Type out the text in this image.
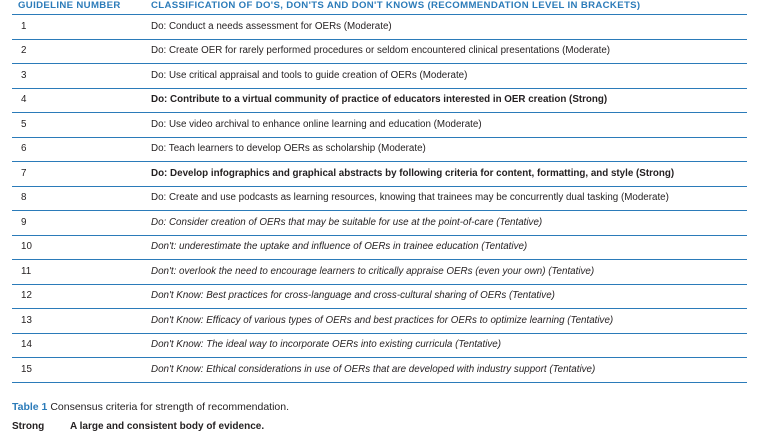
GUIDELINE NUMBER	CLASSIFICATION OF DO'S, DON'TS AND DON'T KNOWS (RECOMMENDATION LEVEL IN BRACKETS)
1	Do: Conduct a needs assessment for OERs (Moderate)
2	Do: Create OER for rarely performed procedures or seldom encountered clinical presentations (Moderate)
3	Do: Use critical appraisal and tools to guide creation of OERs (Moderate)
4	Do: Contribute to a virtual community of practice of educators interested in OER creation (Strong)
5	Do: Use video archival to enhance online learning and education (Moderate)
6	Do: Teach learners to develop OERs as scholarship (Moderate)
7	Do: Develop infographics and graphical abstracts by following criteria for content, formatting, and style (Strong)
8	Do: Create and use podcasts as learning resources, knowing that trainees may be concurrently dual tasking (Moderate)
9	Do: Consider creation of OERs that may be suitable for use at the point-of-care (Tentative)
10	Don't: underestimate the uptake and influence of OERs in trainee education (Tentative)
11	Don't: overlook the need to encourage learners to critically appraise OERs (even your own) (Tentative)
12	Don't Know: Best practices for cross-language and cross-cultural sharing of OERs (Tentative)
13	Don't Know: Efficacy of various types of OERs and best practices for OERs to optimize learning (Tentative)
14	Don't Know: The ideal way to incorporate OERs into existing curricula (Tentative)
15	Don't Know: Ethical considerations in use of OERs that are developed with industry support (Tentative)
Table 1 Consensus criteria for strength of recommendation.
Strong	A large and consistent body of evidence.
